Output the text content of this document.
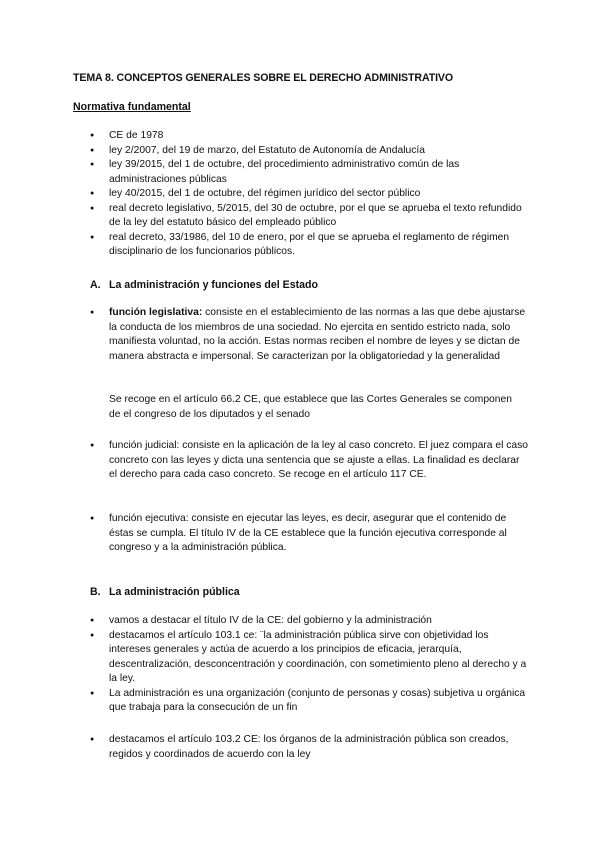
TEMA 8. CONCEPTOS GENERALES SOBRE EL DERECHO ADMINISTRATIVO
Normativa fundamental
● CE de 1978
● ley 2/2007, del 19 de marzo, del Estatuto de Autonomía de Andalucía
● ley 39/2015, del 1 de octubre, del procedimiento administrativo común de las administraciones públicas
● ley 40/2015, del 1 de octubre, del régimen jurídico del sector público
● real decreto legislativo, 5/2015, del 30 de octubre, por el que se aprueba el texto refundido de la ley del estatuto básico del empleado público
● real decreto, 33/1986, del 10 de enero, por el que se aprueba el reglamento de régimen disciplinario de los funcionarios públicos.
A. La administración y funciones del Estado
● función legislativa: consiste en el establecimiento de las normas a las que debe ajustarse la conducta de los miembros de una sociedad. No ejercita en sentido estricto nada, solo manifiesta voluntad, no la acción. Estas normas reciben el nombre de leyes y se dictan de manera abstracta e impersonal. Se caracterizan por la obligatoriedad y la generalidad
Se recoge en el artículo 66.2 CE, que establece que las Cortes Generales se componen de el congreso de los diputados y el senado
● función judicial: consiste en la aplicación de la ley al caso concreto. El juez compara el caso concreto con las leyes y dicta una sentencia que se ajuste a ellas. La finalidad es declarar el derecho para cada caso concreto. Se recoge en el artículo 117 CE.
● función ejecutiva: consiste en ejecutar las leyes, es decir, asegurar que el contenido de éstas se cumpla. El título IV de la CE establece que la función ejecutiva corresponde al congreso y a la administración pública.
B. La administración pública
● vamos a destacar el título IV de la CE: del gobierno y la administración
● destacamos el artículo 103.1 ce: ¨la administración pública sirve con objetividad los intereses generales y actúa de acuerdo a los principios de eficacia, jerarquía, descentralización, desconcentración y coordinación, con sometimiento pleno al derecho y a la ley.
● La administración es una organización (conjunto de personas y cosas) subjetiva u orgánica que trabaja para la consecución de un fin
● destacamos el artículo 103.2 CE: los órganos de la administración pública son creados, regidos y coordinados de acuerdo con la ley
